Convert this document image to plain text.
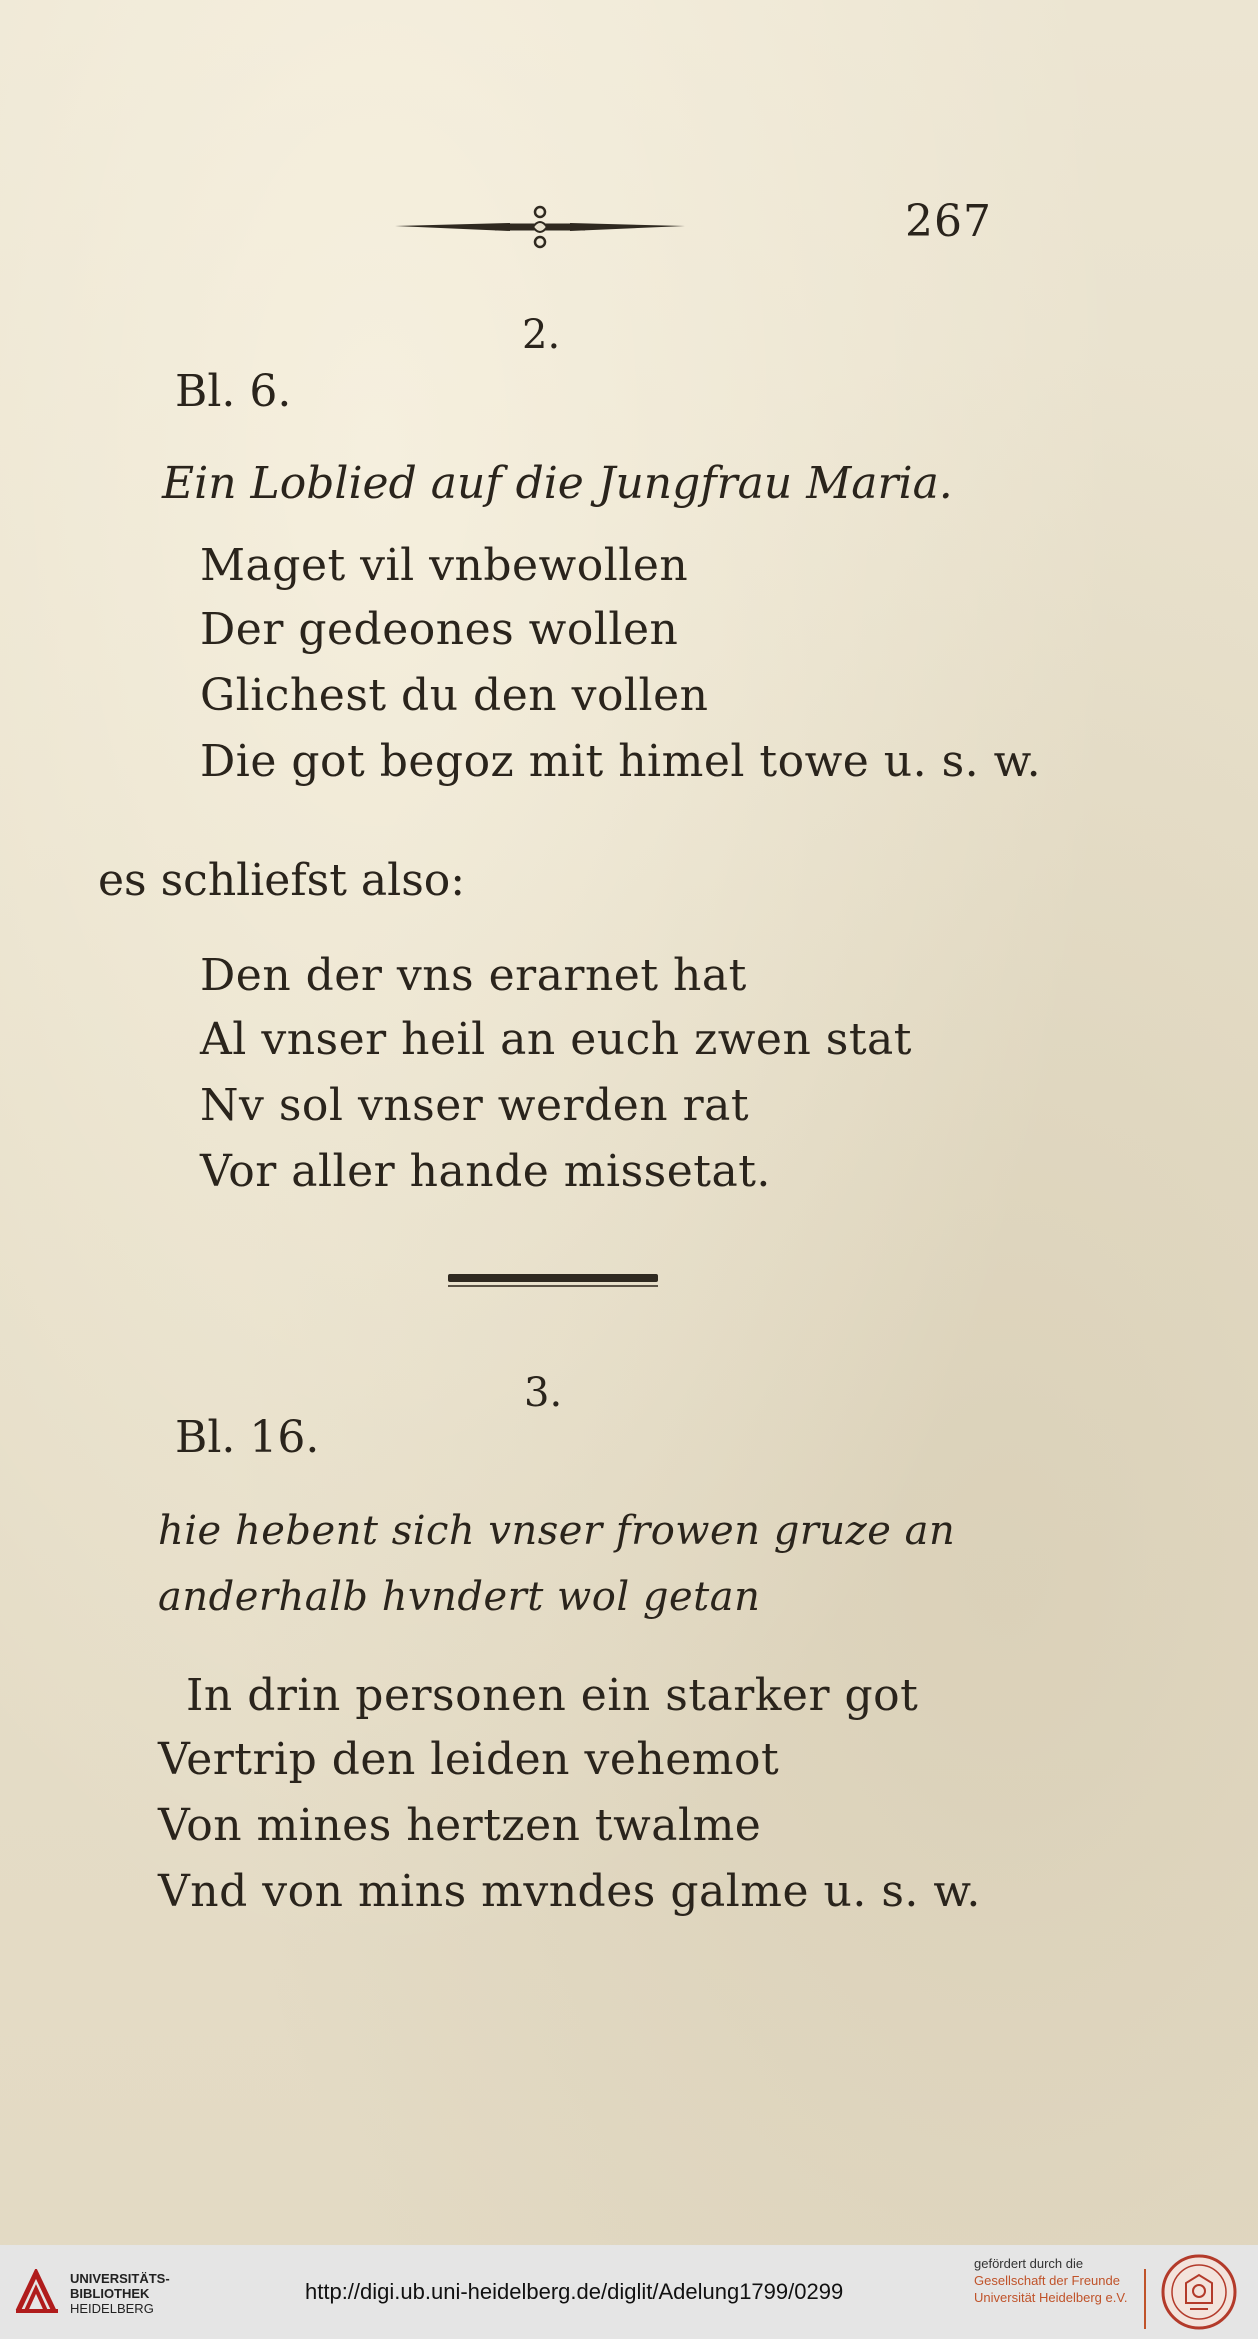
267
2.
Bl. 6.
Ein Loblied auf die Jungfrau Maria.
Maget vil vnbewollen
Der gedeones wollen
Glichest du den vollen
Die got begoz mit himel towe u. s. w.
es schliefst also:
Den der vns erarnet hat
Al vnser heil an euch zwen stat
Nv sol vnser werden rat
Vor aller hande missetat.
3.
Bl. 16.
hie hebent sich vnser frowen gruze an
anderhalb hvndert wol getan
In drin personen ein starker got
Vertrip den leiden vehemot
Von mines hertzen twalme
Vnd von mins mvndes galme u. s. w.
UNIVERSITÄTS-
BIBLIOTHEK
HEIDELBERG
http://digi.ub.uni-heidelberg.de/diglit/Adelung1799/0299
gefördert durch die
Gesellschaft der Freunde
Universität Heidelberg e.V.
